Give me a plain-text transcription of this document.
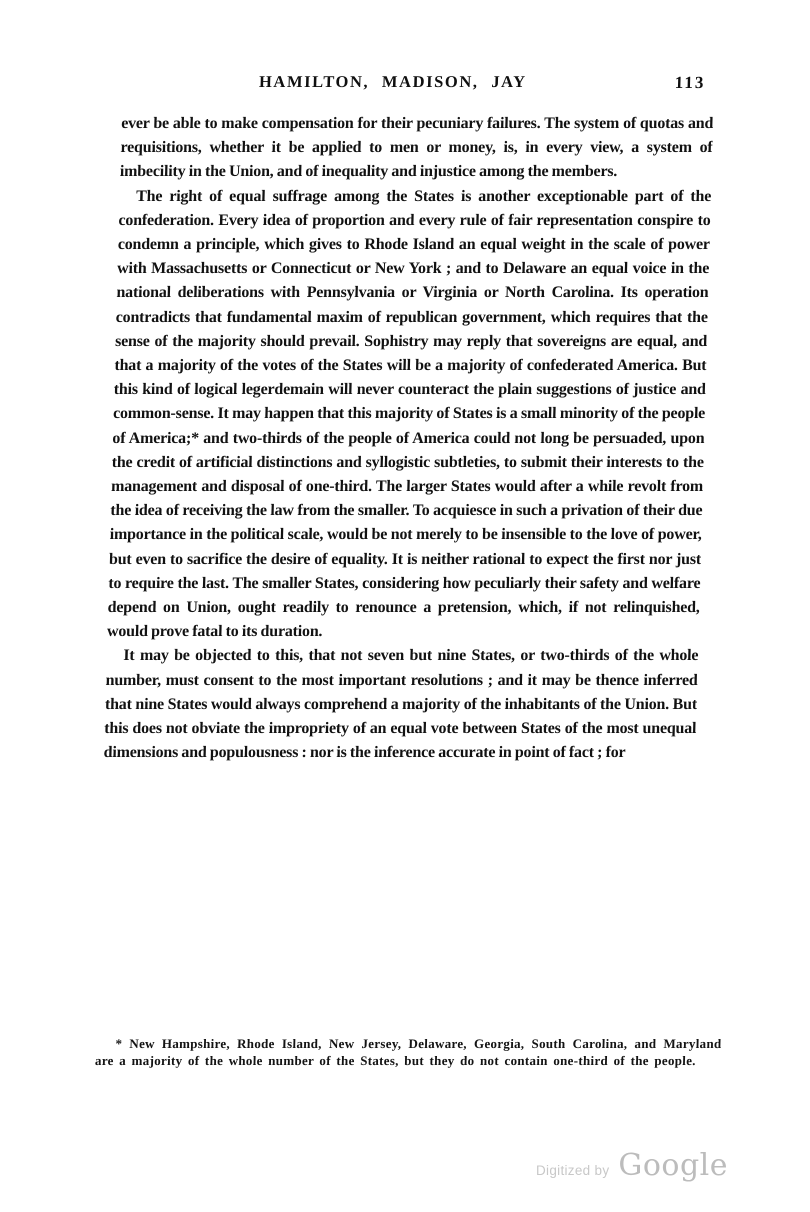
HAMILTON, MADISON, JAY	113

ever be able to make compensation for their pecuniary failures. The system of quotas and requisitions, whether it be applied to men or money, is, in every view, a system of imbecility in the Union, and of inequality and injustice among the members.

The right of equal suffrage among the States is another exceptionable part of the confederation. Every idea of proportion and every rule of fair representation conspire to condemn a principle, which gives to Rhode Island an equal weight in the scale of power with Massachusetts or Connecticut or New York ; and to Delaware an equal voice in the national deliberations with Pennsylvania or Virginia or North Carolina. Its operation contradicts that fundamental maxim of republican government, which requires that the sense of the majority should prevail. Sophistry may reply that sovereigns are equal, and that a majority of the votes of the States will be a majority of confederated America. But this kind of logical legerdemain will never counteract the plain suggestions of justice and common-sense. It may happen that this majority of States is a small minority of the people of America;* and two-thirds of the people of America could not long be persuaded, upon the credit of artificial distinctions and syllogistic subtleties, to submit their interests to the management and disposal of one-third. The larger States would after a while revolt from the idea of receiving the law from the smaller. To acquiesce in such a privation of their due importance in the political scale, would be not merely to be insensible to the love of power, but even to sacrifice the desire of equality. It is neither rational to expect the first nor just to require the last. The smaller States, considering how peculiarly their safety and welfare depend on Union, ought readily to renounce a pretension, which, if not relinquished, would prove fatal to its duration.

It may be objected to this, that not seven but nine States, or two-thirds of the whole number, must consent to the most important resolutions ; and it may be thence inferred that nine States would always comprehend a majority of the inhabitants of the Union. But this does not obviate the impropriety of an equal vote between States of the most unequal dimensions and populousness : nor is the inference accurate in point of fact ; for

* New Hampshire, Rhode Island, New Jersey, Delaware, Georgia, South Carolina, and Maryland are a majority of the whole number of the States, but they do not contain one-third of the people.
Digitized by Google
